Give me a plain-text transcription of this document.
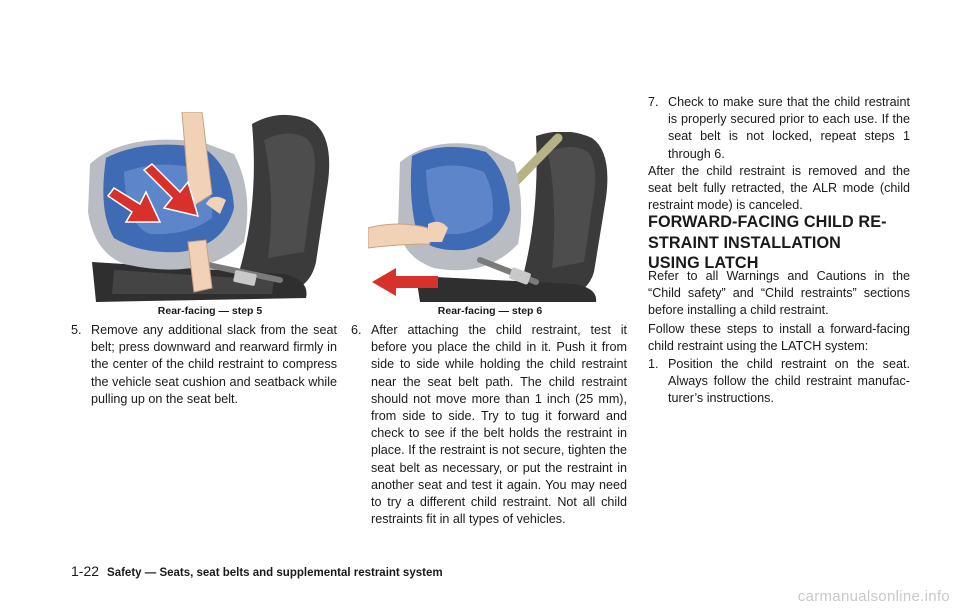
Rear-facing — step 5	Rear-facing — step 6
5. Remove any additional slack from the seat belt; press downward and rearward firmly in the center of the child restraint to compress the vehicle seat cushion and seatback while pulling up on the seat belt.
6. After attaching the child restraint, test it before you place the child in it. Push it from side to side while holding the child restraint near the seat belt path. The child restraint should not move more than 1 inch (25 mm), from side to side. Try to tug it forward and check to see if the belt holds the restraint in place. If the restraint is not secure, tighten the seat belt as necessary, or put the restraint in another seat and test it again. You may need to try a different child restraint. Not all child restraints fit in all types of vehicles.
7. Check to make sure that the child restraint is properly secured prior to each use. If the seat belt is not locked, repeat steps 1 through 6.

After the child restraint is removed and the seat belt fully retracted, the ALR mode (child restraint mode) is canceled.

FORWARD-FACING CHILD RE- STRAINT INSTALLATION USING LATCH

Refer to all Warnings and Cautions in the “Child safety” and “Child restraints” sections before installing a child restraint.

Follow these steps to install a forward-facing child restraint using the LATCH system:

1. Position the child restraint on the seat. Always follow the child restraint manufac- turer’s instructions.
1-22 Safety — Seats, seat belts and supplemental restraint system
carmanualsonline.info
